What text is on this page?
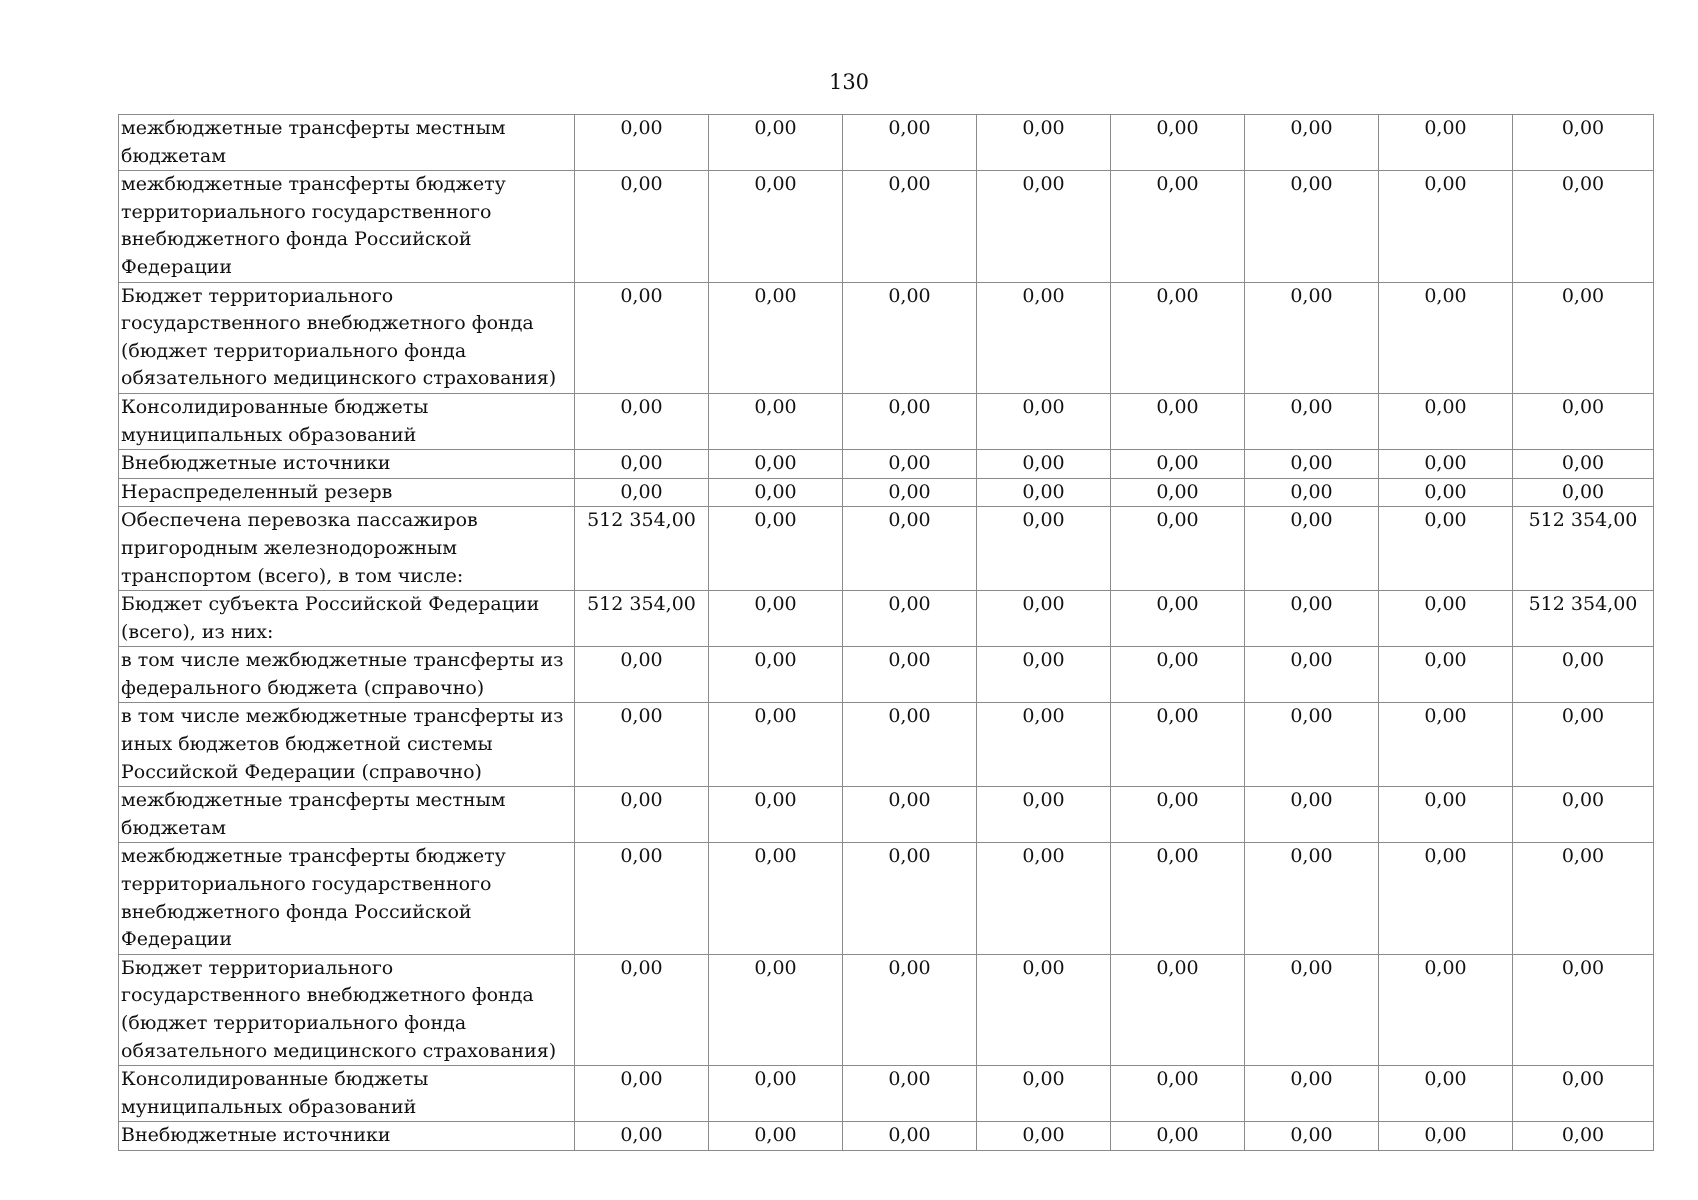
130
межбюджетные трансферты местным бюджетам	0,00	0,00	0,00	0,00	0,00	0,00	0,00	0,00
межбюджетные трансферты бюджету территориального государственного внебюджетного фонда Российской Федерации	0,00	0,00	0,00	0,00	0,00	0,00	0,00	0,00
Бюджет территориального государственного внебюджетного фонда (бюджет территориального фонда обязательного медицинского страхования)	0,00	0,00	0,00	0,00	0,00	0,00	0,00	0,00
Консолидированные бюджеты муниципальных образований	0,00	0,00	0,00	0,00	0,00	0,00	0,00	0,00
Внебюджетные источники	0,00	0,00	0,00	0,00	0,00	0,00	0,00	0,00
Нераспределенный резерв	0,00	0,00	0,00	0,00	0,00	0,00	0,00	0,00
Обеспечена перевозка пассажиров пригородным железнодорожным транспортом (всего), в том числе:	512 354,00	0,00	0,00	0,00	0,00	0,00	0,00	512 354,00
Бюджет субъекта Российской Федерации (всего), из них:	512 354,00	0,00	0,00	0,00	0,00	0,00	0,00	512 354,00
в том числе межбюджетные трансферты из федерального бюджета (справочно)	0,00	0,00	0,00	0,00	0,00	0,00	0,00	0,00
в том числе межбюджетные трансферты из иных бюджетов бюджетной системы Российской Федерации (справочно)	0,00	0,00	0,00	0,00	0,00	0,00	0,00	0,00
межбюджетные трансферты местным бюджетам	0,00	0,00	0,00	0,00	0,00	0,00	0,00	0,00
межбюджетные трансферты бюджету территориального государственного внебюджетного фонда Российской Федерации	0,00	0,00	0,00	0,00	0,00	0,00	0,00	0,00
Бюджет территориального государственного внебюджетного фонда (бюджет территориального фонда обязательного медицинского страхования)	0,00	0,00	0,00	0,00	0,00	0,00	0,00	0,00
Консолидированные бюджеты муниципальных образований	0,00	0,00	0,00	0,00	0,00	0,00	0,00	0,00
Внебюджетные источники	0,00	0,00	0,00	0,00	0,00	0,00	0,00	0,00
